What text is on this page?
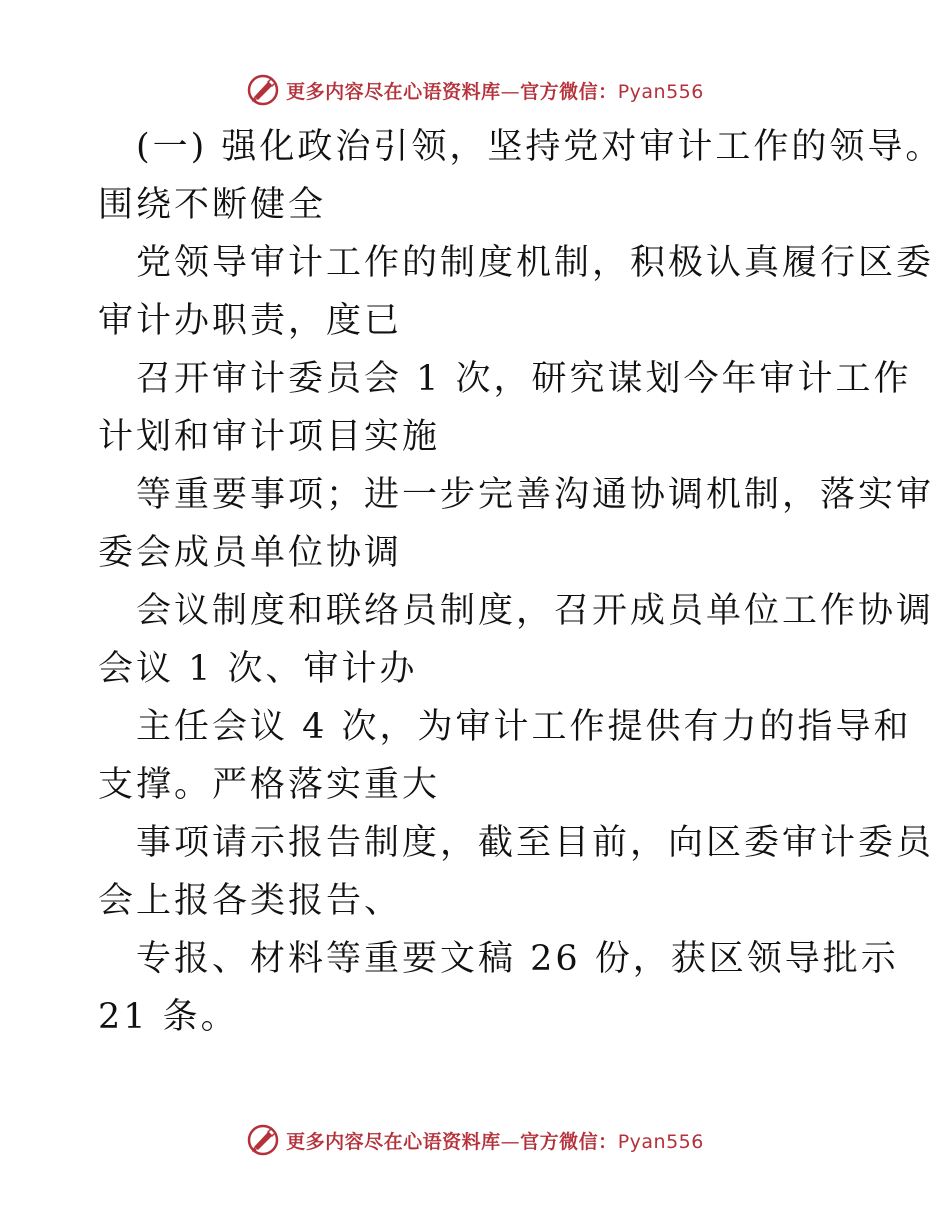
更多内容尽在心语资料库—官方微信：Pyan556

(一) 强化政治引领，坚持党对审计工作的领导。

围绕不断健全

党领导审计工作的制度机制，积极认真履行区委

审计办职责，度已

召开审计委员会 1 次，研究谋划今年审计工作

计划和审计项目实施

等重要事项；进一步完善沟通协调机制，落实审

委会成员单位协调

会议制度和联络员制度，召开成员单位工作协调

会议 1 次、审计办

主任会议 4 次，为审计工作提供有力的指导和

支撑。严格落实重大

事项请示报告制度，截至目前，向区委审计委员

会上报各类报告、

专报、材料等重要文稿 26 份，获区领导批示

21 条。

更多内容尽在心语资料库—官方微信：Pyan556
